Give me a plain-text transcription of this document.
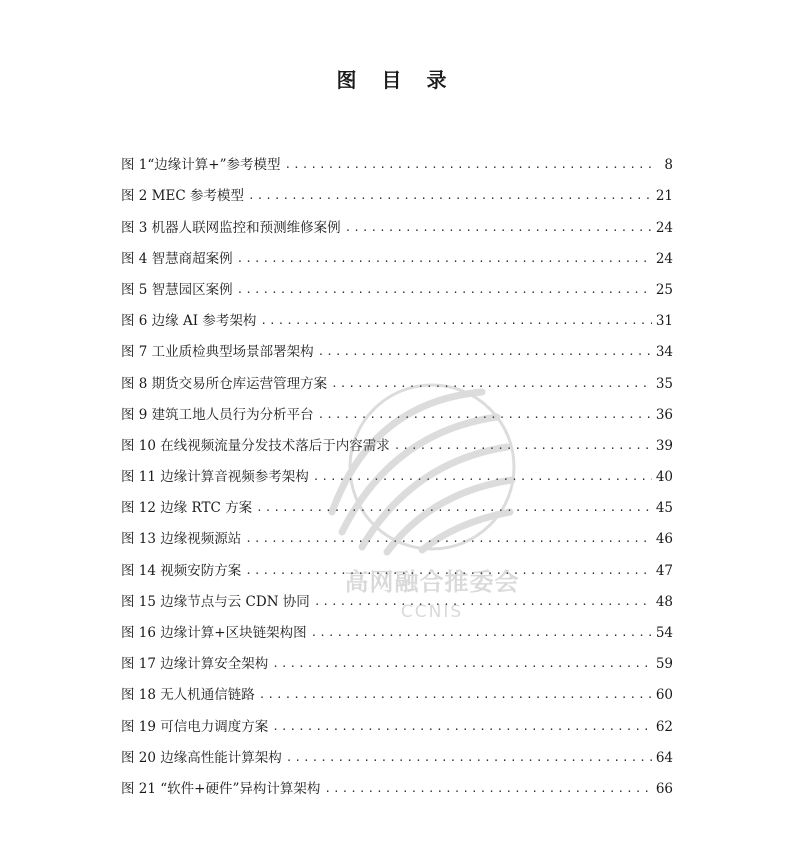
图 目 录
图 1“边缘计算+”参考模型 .....	8
图 2 MEC 参考模型 .....	21
图 3 机器人联网监控和预测维修案例 .....	24
图 4 智慧商超案例 .....	24
图 5 智慧园区案例 .....	25
图 6 边缘 AI 参考架构 .....	31
图 7 工业质检典型场景部署架构 .....	34
图 8 期货交易所仓库运营管理方案 .....	35
图 9 建筑工地人员行为分析平台 .....	36
图 10 在线视频流量分发技术落后于内容需求 .....	39
图 11 边缘计算音视频参考架构 .....	40
图 12 边缘 RTC 方案 .....	45
图 13 边缘视频源站 .....	46
图 14 视频安防方案 .....	47
图 15 边缘节点与云 CDN 协同 .....	48
图 16 边缘计算+区块链架构图 .....	54
图 17 边缘计算安全架构 .....	59
图 18 无人机通信链路 .....	60
图 19 可信电力调度方案 .....	62
图 20 边缘高性能计算架构 .....	64
图 21 “软件+硬件”异构计算架构 .....	66
高网融合推委会
CCNIS
